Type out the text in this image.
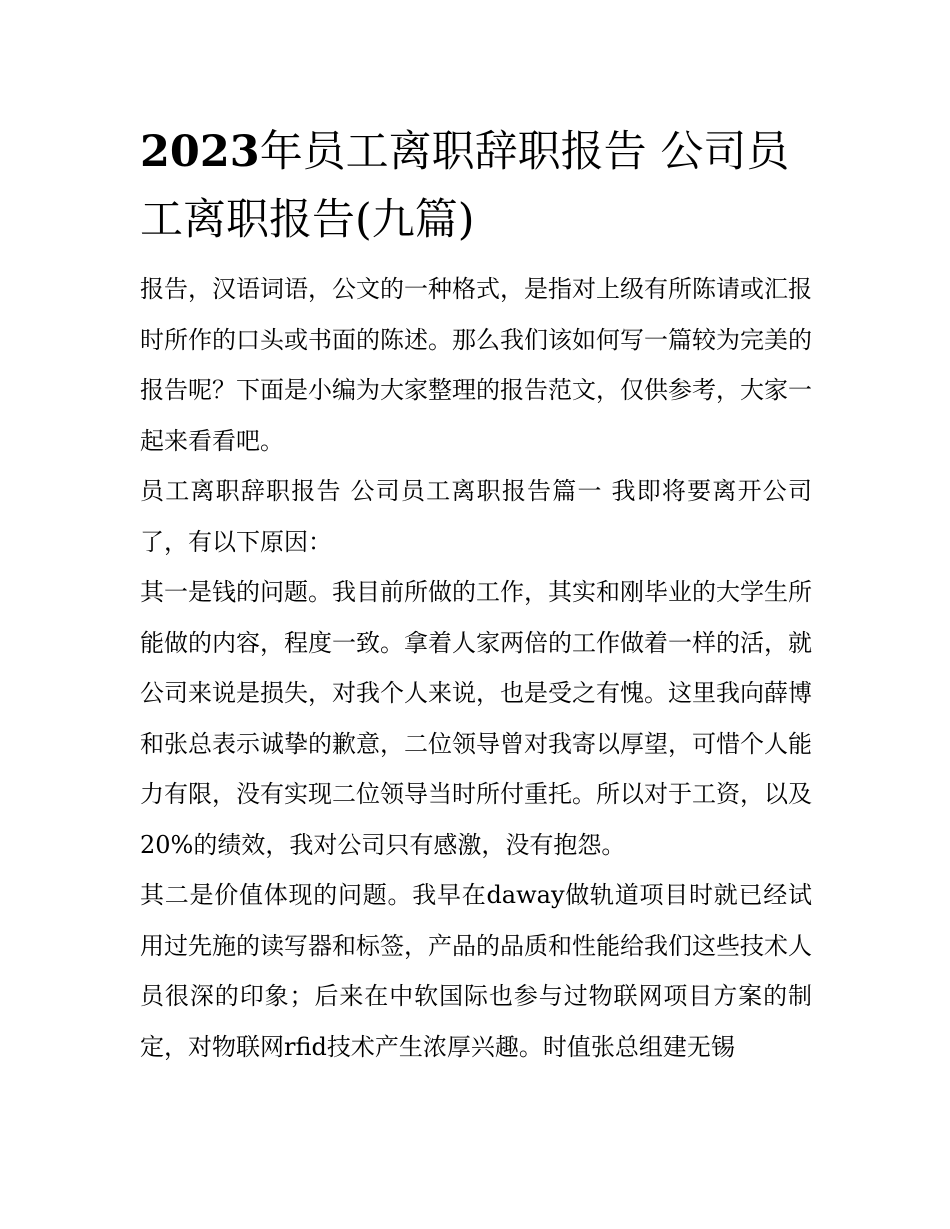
2023年员工离职辞职报告 公司员工离职报告(九篇)

报告，汉语词语，公文的一种格式，是指对上级有所陈请或汇报时所作的口头或书面的陈述。那么我们该如何写一篇较为完美的报告呢？下面是小编为大家整理的报告范文，仅供参考，大家一起来看看吧。

员工离职辞职报告 公司员工离职报告篇一 我即将要离开公司了，有以下原因：

其一是钱的问题。我目前所做的工作，其实和刚毕业的大学生所能做的内容，程度一致。拿着人家两倍的工作做着一样的活，就公司来说是损失，对我个人来说，也是受之有愧。这里我向薛博和张总表示诚挚的歉意，二位领导曾对我寄以厚望，可惜个人能力有限，没有实现二位领导当时所付重托。所以对于工资，以及20%的绩效，我对公司只有感激，没有抱怨。

其二是价值体现的问题。我早在daway做轨道项目时就已经试用过先施的读写器和标签，产品的品质和性能给我们这些技术人员很深的印象；后来在中软国际也参与过物联网项目方案的制定，对物联网rfid技术产生浓厚兴趣。时值张总组建无锡
